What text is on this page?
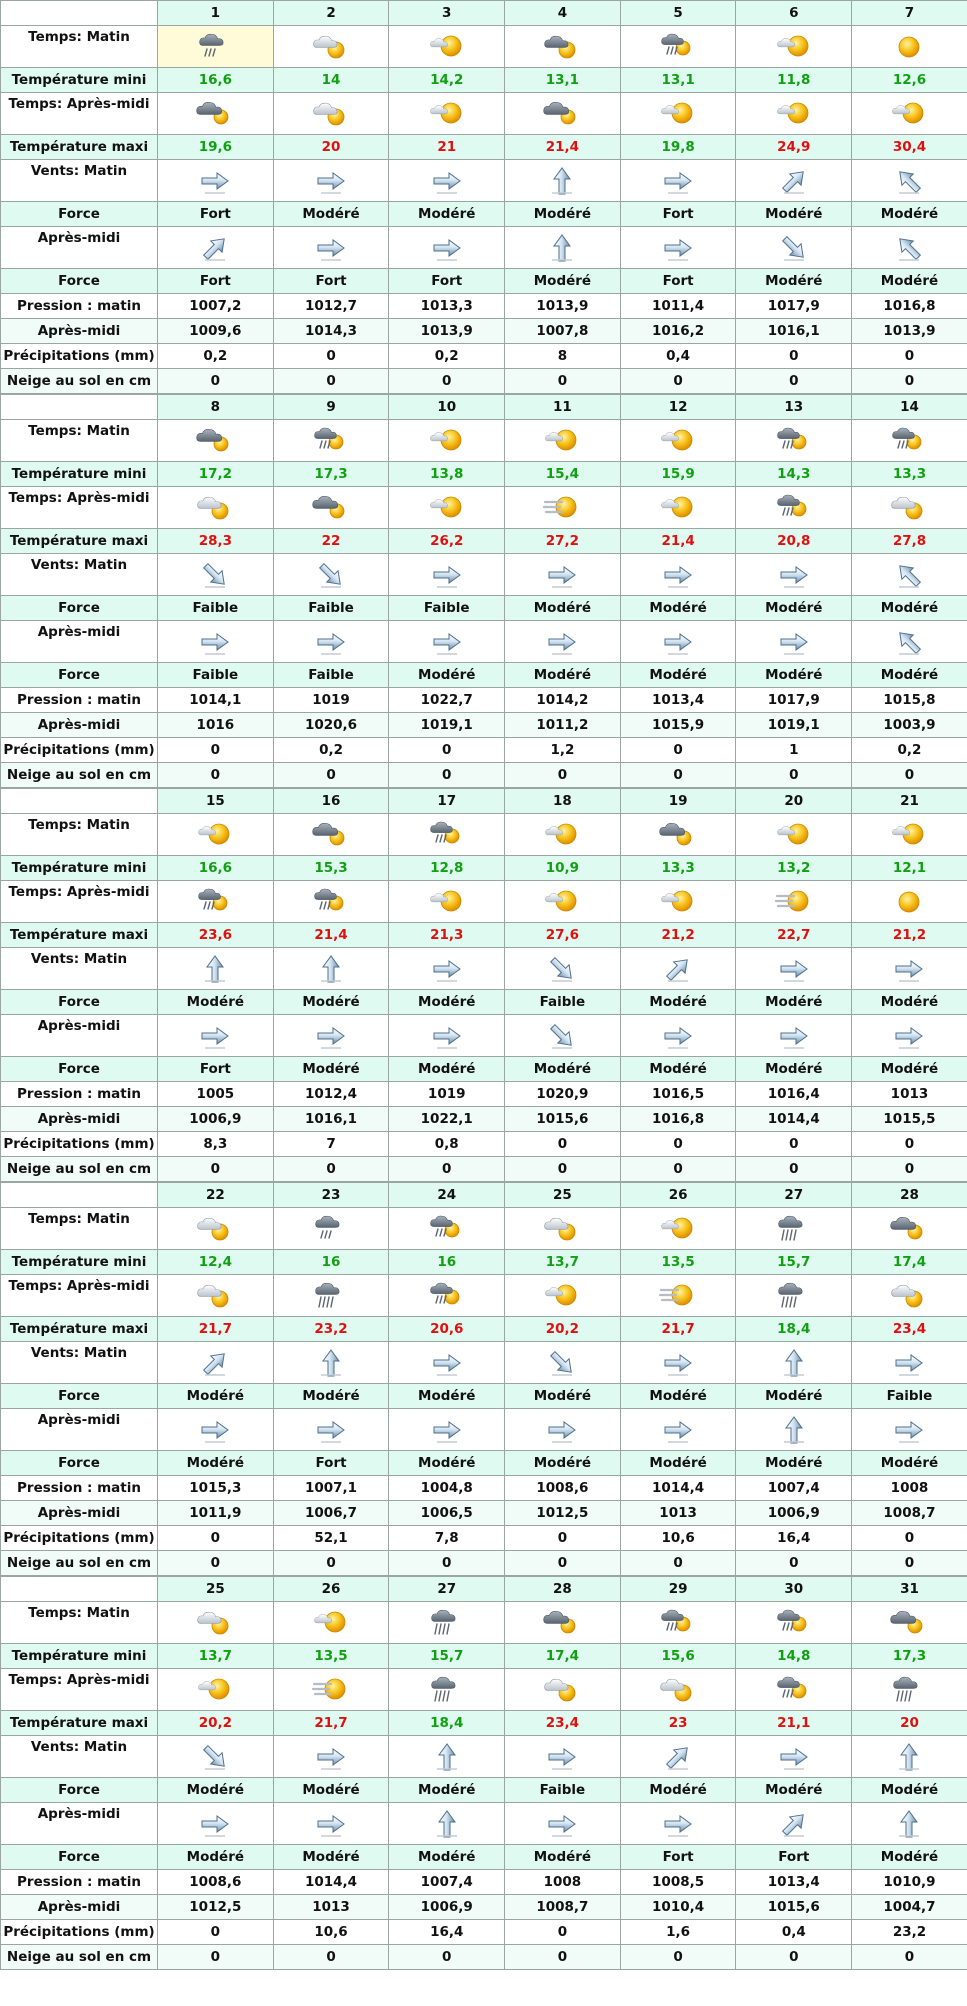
	1	2	3	4	5	6	7
Temps: Matin							
Température mini	16,6	14	14,2	13,1	13,1	11,8	12,6
Temps: Après-midi							
Température maxi	19,6	20	21	21,4	19,8	24,9	30,4
Vents: Matin							
Force	Fort	Modéré	Modéré	Modéré	Fort	Modéré	Modéré
Après-midi							
Force	Fort	Fort	Fort	Modéré	Fort	Modéré	Modéré
Pression : matin	1007,2	1012,7	1013,3	1013,9	1011,4	1017,9	1016,8
Après-midi	1009,6	1014,3	1013,9	1007,8	1016,2	1016,1	1013,9
Précipitations (mm)	0,2	0	0,2	8	0,4	0	0
Neige au sol en cm	0	0	0	0	0	0	0
	8	9	10	11	12	13	14
Temps: Matin							
Température mini	17,2	17,3	13,8	15,4	15,9	14,3	13,3
Temps: Après-midi							
Température maxi	28,3	22	26,2	27,2	21,4	20,8	27,8
Vents: Matin							
Force	Faible	Faible	Faible	Modéré	Modéré	Modéré	Modéré
Après-midi							
Force	Faible	Faible	Modéré	Modéré	Modéré	Modéré	Modéré
Pression : matin	1014,1	1019	1022,7	1014,2	1013,4	1017,9	1015,8
Après-midi	1016	1020,6	1019,1	1011,2	1015,9	1019,1	1003,9
Précipitations (mm)	0	0,2	0	1,2	0	1	0,2
Neige au sol en cm	0	0	0	0	0	0	0
	15	16	17	18	19	20	21
Temps: Matin							
Température mini	16,6	15,3	12,8	10,9	13,3	13,2	12,1
Temps: Après-midi							
Température maxi	23,6	21,4	21,3	27,6	21,2	22,7	21,2
Vents: Matin							
Force	Modéré	Modéré	Modéré	Faible	Modéré	Modéré	Modéré
Après-midi							
Force	Fort	Modéré	Modéré	Modéré	Modéré	Modéré	Modéré
Pression : matin	1005	1012,4	1019	1020,9	1016,5	1016,4	1013
Après-midi	1006,9	1016,1	1022,1	1015,6	1016,8	1014,4	1015,5
Précipitations (mm)	8,3	7	0,8	0	0	0	0
Neige au sol en cm	0	0	0	0	0	0	0
	22	23	24	25	26	27	28
Temps: Matin							
Température mini	12,4	16	16	13,7	13,5	15,7	17,4
Temps: Après-midi							
Température maxi	21,7	23,2	20,6	20,2	21,7	18,4	23,4
Vents: Matin							
Force	Modéré	Modéré	Modéré	Modéré	Modéré	Modéré	Faible
Après-midi							
Force	Modéré	Fort	Modéré	Modéré	Modéré	Modéré	Modéré
Pression : matin	1015,3	1007,1	1004,8	1008,6	1014,4	1007,4	1008
Après-midi	1011,9	1006,7	1006,5	1012,5	1013	1006,9	1008,7
Précipitations (mm)	0	52,1	7,8	0	10,6	16,4	0
Neige au sol en cm	0	0	0	0	0	0	0
	25	26	27	28	29	30	31
Temps: Matin							
Température mini	13,7	13,5	15,7	17,4	15,6	14,8	17,3
Temps: Après-midi							
Température maxi	20,2	21,7	18,4	23,4	23	21,1	20
Vents: Matin							
Force	Modéré	Modéré	Modéré	Faible	Modéré	Modéré	Modéré
Après-midi							
Force	Modéré	Modéré	Modéré	Modéré	Fort	Fort	Modéré
Pression : matin	1008,6	1014,4	1007,4	1008	1008,5	1013,4	1010,9
Après-midi	1012,5	1013	1006,9	1008,7	1010,4	1015,6	1004,7
Précipitations (mm)	0	10,6	16,4	0	1,6	0,4	23,2
Neige au sol en cm	0	0	0	0	0	0	0
